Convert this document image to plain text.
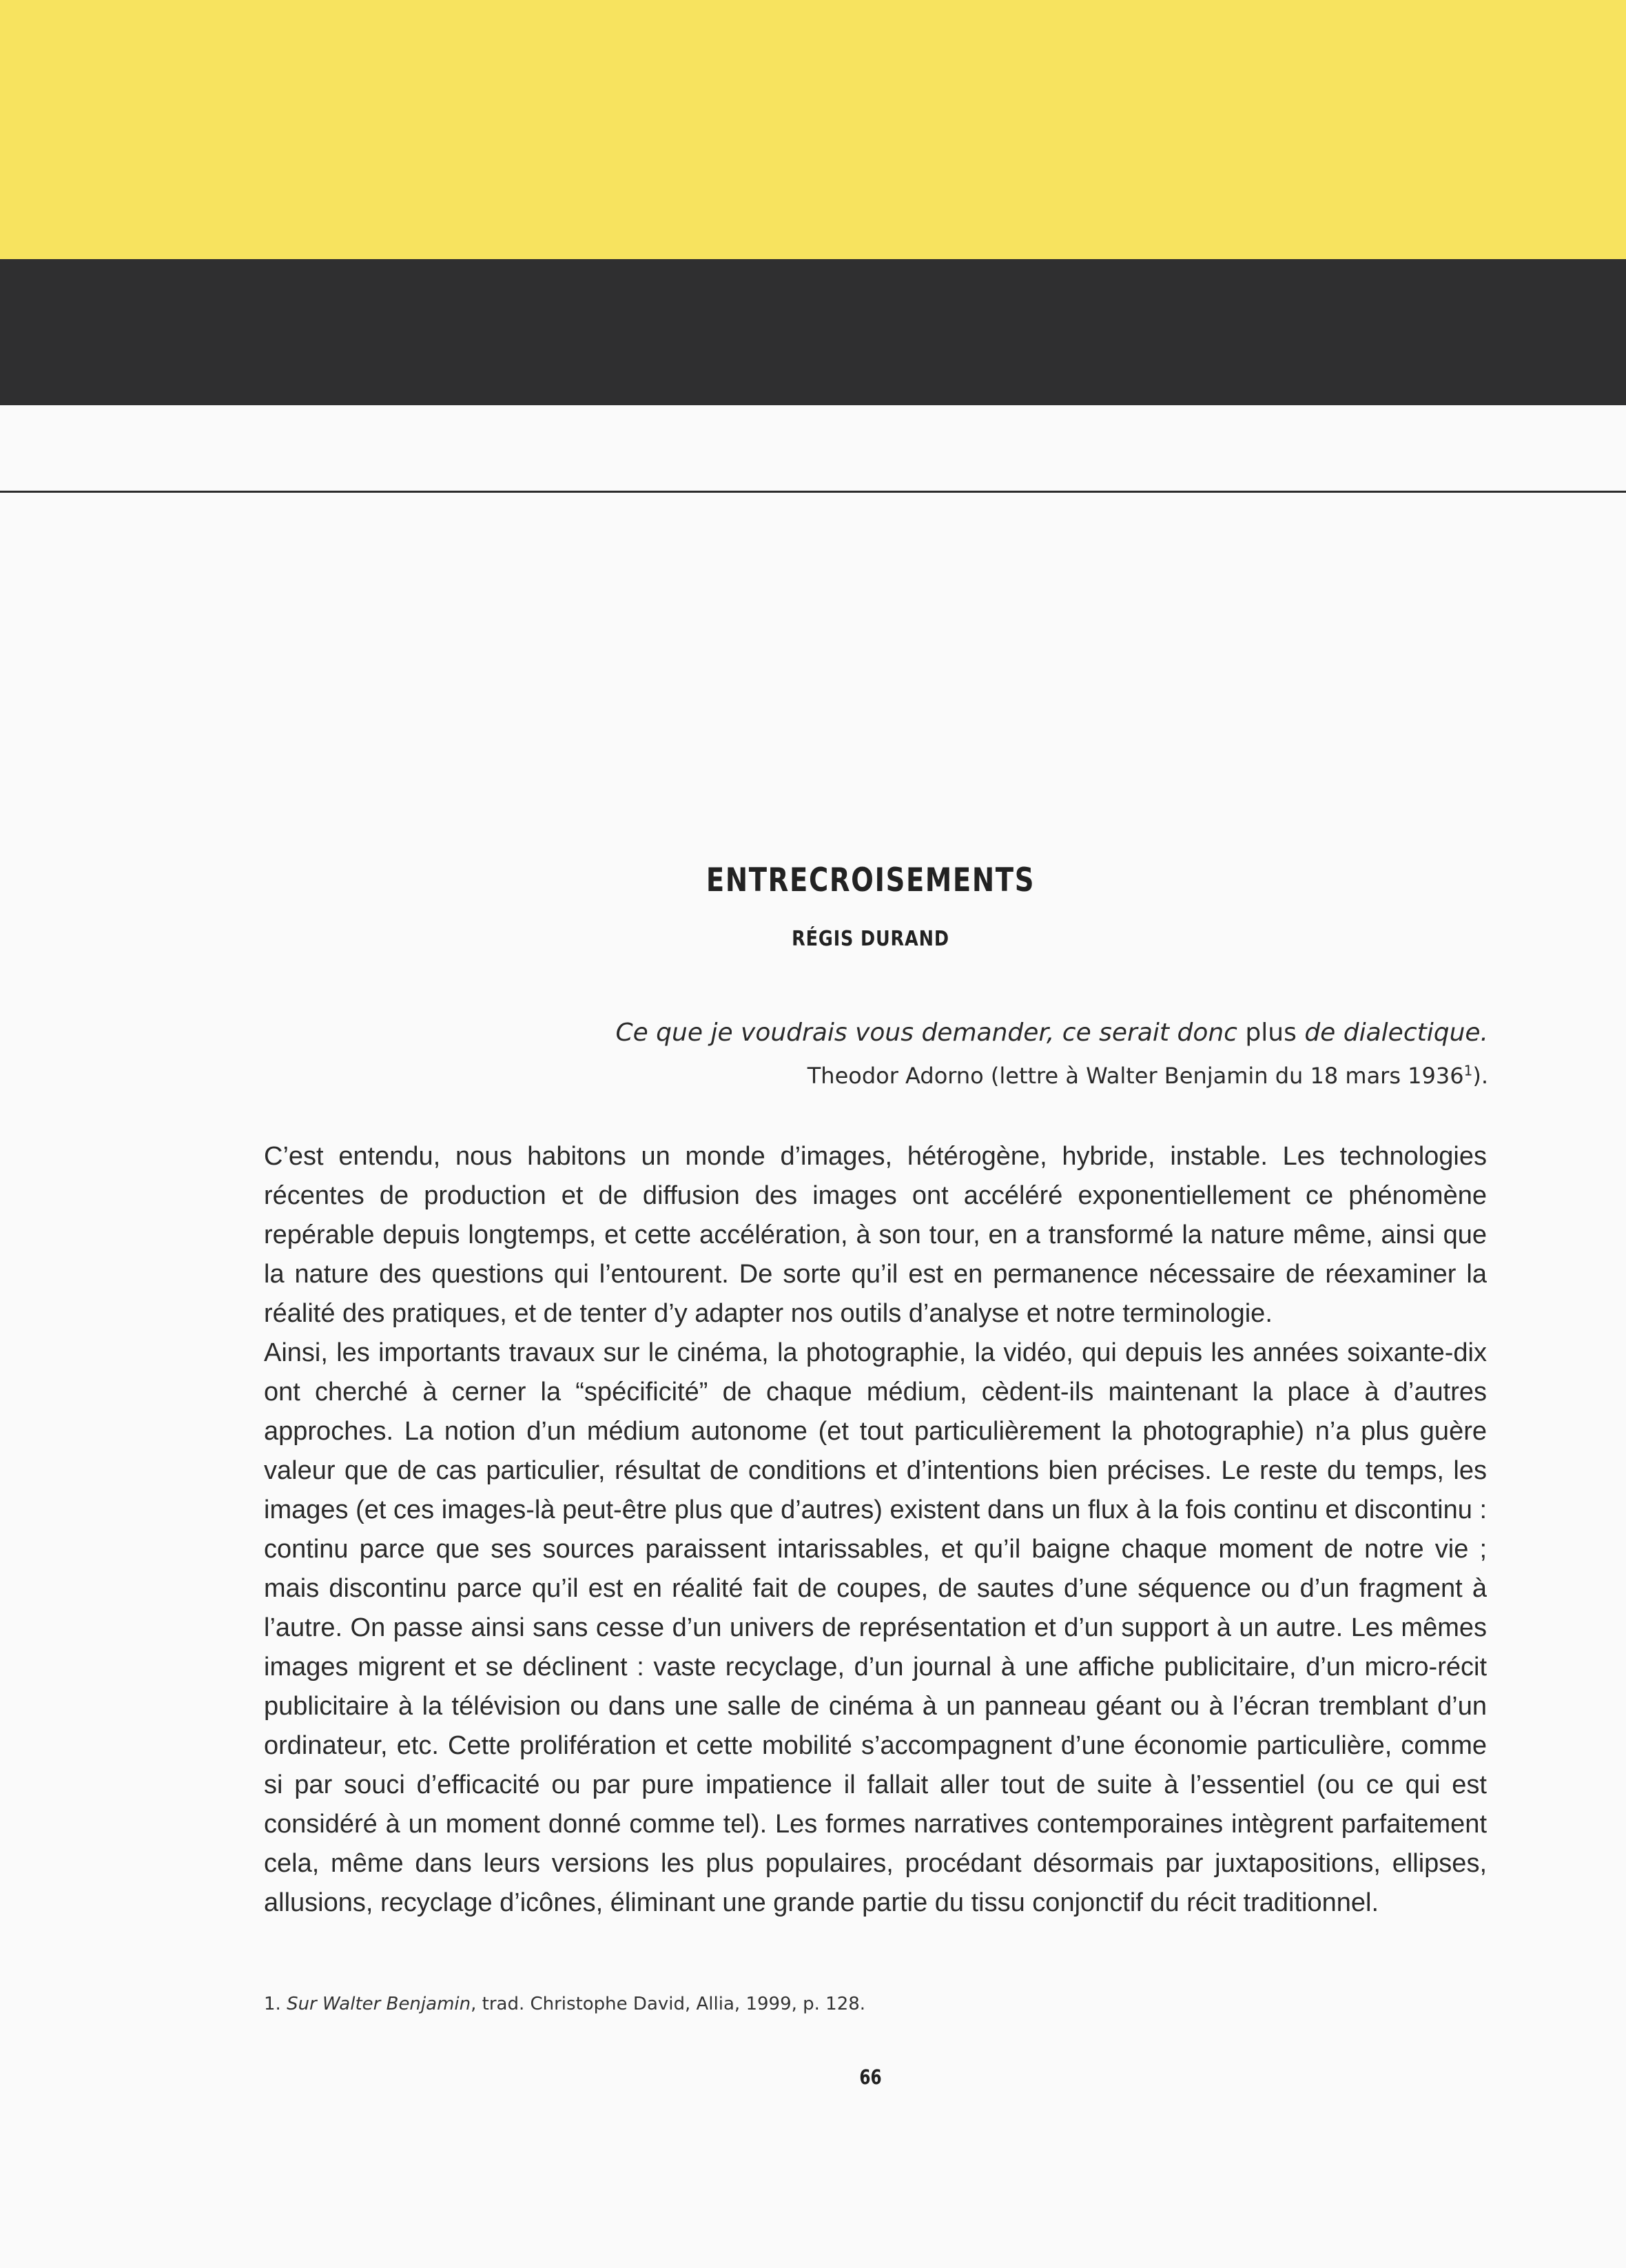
ENTRECROISEMENTS
RÉGIS DURAND
Ce que je voudrais vous demander, ce serait donc plus de dialectique.
Theodor Adorno (lettre à Walter Benjamin du 18 mars 1936$^1$).

C’est entendu, nous habitons un monde d’images, hétérogène, hybride, instable. Les technologies récentes de production et de diffusion des images ont accéléré exponentiellement ce phénomène repérable depuis longtemps, et cette accélération, à son tour, en a transformé la nature même, ainsi que la nature des questions qui l’entourent. De sorte qu’il est en permanence nécessaire de réexaminer la réalité des pratiques, et de tenter d’y adapter nos outils d’analyse et notre terminologie.

Ainsi, les importants travaux sur le cinéma, la photographie, la vidéo, qui depuis les années soixante-dix ont cherché à cerner la “spécificité” de chaque médium, cèdent-ils maintenant la place à d’autres approches. La notion d’un médium autonome (et tout particulièrement la photographie) n’a plus guère valeur que de cas particulier, résultat de conditions et d’intentions bien précises. Le reste du temps, les images (et ces images-là peut-être plus que d’autres) existent dans un flux à la fois continu et discontinu : continu parce que ses sources paraissent intarissables, et qu’il baigne chaque moment de notre vie ; mais discontinu parce qu’il est en réalité fait de coupes, de sautes d’une séquence ou d’un fragment à l’autre. On passe ainsi sans cesse d’un univers de représentation et d’un support à un autre. Les mêmes images migrent et se déclinent : vaste recyclage, d’un journal à une affiche publicitaire, d’un micro-récit publicitaire à la télévision ou dans une salle de cinéma à un panneau géant ou à l’écran tremblant d’un ordinateur, etc. Cette prolifération et cette mobilité s’accompagnent d’une économie particulière, comme si par souci d’efficacité ou par pure impatience il fallait aller tout de suite à l’essentiel (ou ce qui est considéré à un moment donné comme tel). Les formes narratives contemporaines intègrent parfaitement cela, même dans leurs versions les plus populaires, procédant désormais par juxtapositions, ellipses, allusions, recyclage d’icônes, éliminant une grande partie du tissu conjonctif du récit traditionnel.

1. Sur Walter Benjamin, trad. Christophe David, Allia, 1999, p. 128.
66
